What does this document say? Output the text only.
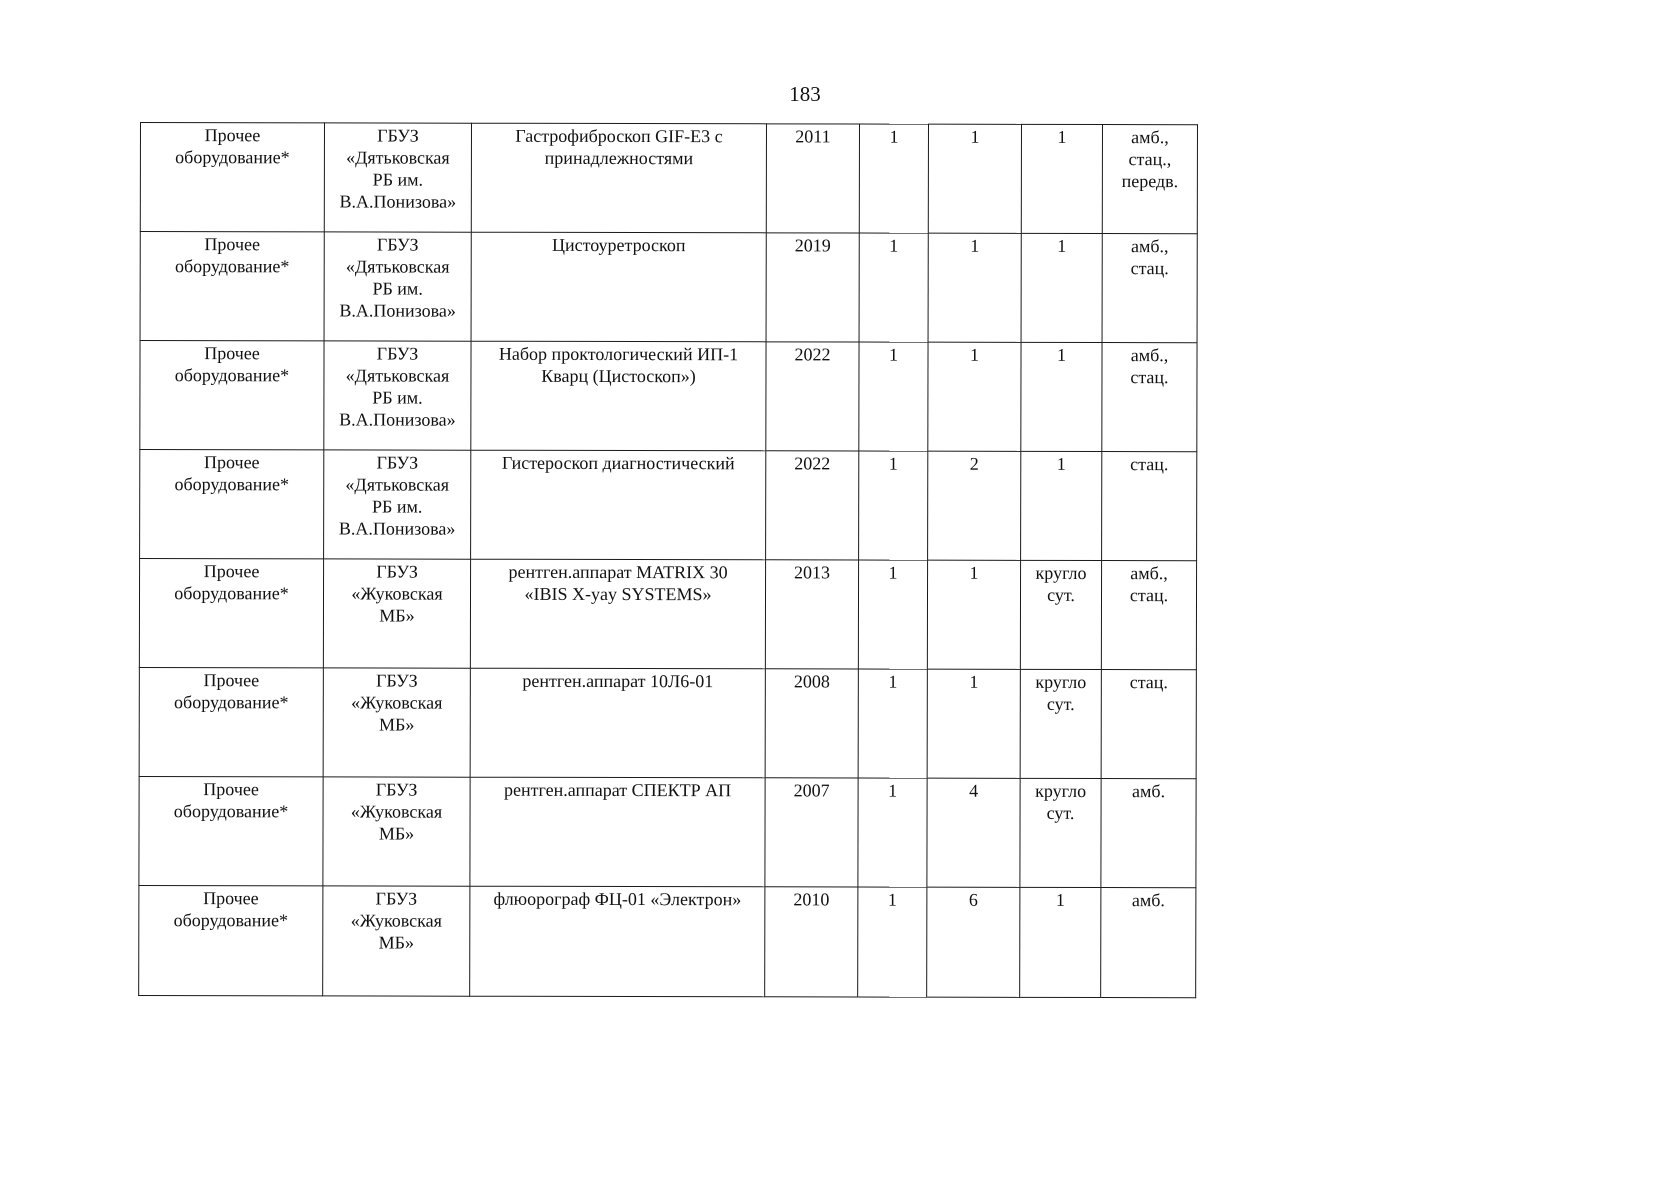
183
Прочее
оборудование*	ГБУЗ
«Дятьковская
РБ им.
В.А.Понизова»	Гастрофиброскоп GIF-E3 с
принадлежностями	2011	1	1	1	амб.,
стац.,
передв.

Прочее
оборудование*	ГБУЗ
«Дятьковская
РБ им.
В.А.Понизова»	Цистоуретроскоп	2019	1	1	1	амб.,
стац.

Прочее
оборудование*	ГБУЗ
«Дятьковская
РБ им.
В.А.Понизова»	Набор проктологический ИП-1
Кварц (Цистоскоп»)	2022	1	1	1	амб.,
стац.

Прочее
оборудование*	ГБУЗ
«Дятьковская
РБ им.
В.А.Понизова»	Гистероскоп диагностический	2022	1	2	1	стац.

Прочее
оборудование*	ГБУЗ
«Жуковская
МБ»	рентген.аппарат MATRIX 30
«IBIS X-yay SYSTEMS»	2013	1	1	кругло
сут.	амб.,
стац.

Прочее
оборудование*	ГБУЗ
«Жуковская
МБ»	рентген.аппарат 10Л6-01	2008	1	1	кругло
сут.	стац.

Прочее
оборудование*	ГБУЗ
«Жуковская
МБ»	рентген.аппарат СПЕКТР АП	2007	1	4	кругло
сут.	амб.

Прочее
оборудование*	ГБУЗ
«Жуковская
МБ»	флюорограф ФЦ-01 «Электрон»	2010	1	6	1	амб.
